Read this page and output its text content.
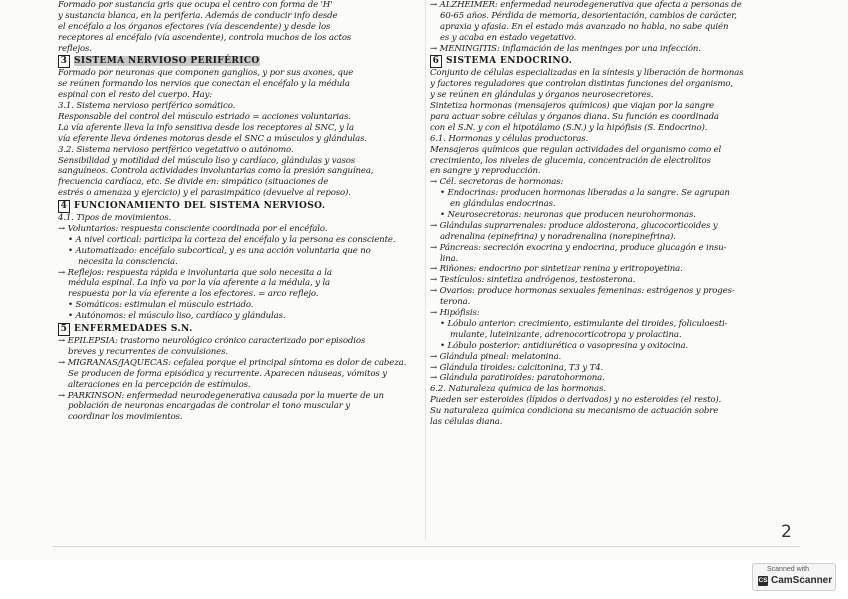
Formado por sustancia gris que ocupa el centro con forma de 'H'
y sustancia blanca, en la periferia. Además de conducir info desde
el encéfalo a los órganos efectores (vía descendente) y desde los
receptores al encéfalo (vía ascendente), controla muchos de los actos
reflejos.
3 SISTEMA NERVIOSO PERIFÉRICO
Formado por neuronas que componen ganglios, y por sus axones, que
se reúnen formando los nervios que conectan el encéfalo y la médula
espinal con el resto del cuerpo. Hay:
3.1. Sistema nervioso periférico somático.
Responsable del control del músculo estriado = acciones voluntarias.
La vía aferente lleva la info sensitiva desde los receptores al SNC, y la
vía eferente lleva órdenes motoras desde el SNC a músculos y glándulas.
3.2. Sistema nervioso periférico vegetativo o autónomo.
Sensibilidad y motilidad del músculo liso y cardíaco, glándulas y vasos
sanguíneos. Controla actividades involuntarias como la presión sanguínea,
frecuencia cardíaca, etc. Se divide en: simpático (situaciones de
estrés o amenaza y ejercicio) y el parasimpático (devuelve al reposo).
4 FUNCIONAMIENTO DEL SISTEMA NERVIOSO.
4.1. Tipos de movimientos.
→ Voluntarios: respuesta consciente coordinada por el encéfalo.
• A nivel cortical: participa la corteza del encéfalo y la persona es consciente.
• Automatizado: encéfalo subcortical, y es una acción voluntaria que no
necesita la consciencia.
→ Reflejos: respuesta rápida e involuntaria que solo necesita a la
médula espinal. La info va por la vía aferente a la médula, y la
respuesta por la vía eferente a los efectores. = arco reflejo.
• Somáticos: estimulan el músculo estriado.
• Autónomos: el músculo liso, cardíaco y glándulas.
5 ENFERMEDADES S.N.
→ EPILEPSIA: trastorno neurológico crónico caracterizado por episodios
breves y recurrentes de convulsiones.
→ MIGRAÑAS/JAQUECAS: cefalea porque el principal síntoma es dolor de cabeza.
Se producen de forma episódica y recurrente. Aparecen náuseas, vómitos y
alteraciones en la percepción de estímulos.
→ PARKINSON: enfermedad neurodegenerativa causada por la muerte de un
población de neuronas encargadas de controlar el tono muscular y
coordinar los movimientos.
→ ALZHEIMER: enfermedad neurodegenerativa que afecta a personas de
60-65 años. Pérdida de memoria, desorientación, cambios de carácter,
apraxia y afasia. En el estado más avanzado no habla, no sabe quién
es y acaba en estado vegetativo.
→ MENINGITIS: inflamación de las meninges por una infección.
6 SISTEMA ENDOCRINO.
Conjunto de células especializadas en la síntesis y liberación de hormonas
y factores reguladores que controlan distintas funciones del organismo,
y se reúnen en glándulas y órganos neurosecretores.
Sintetiza hormonas (mensajeros químicos) que viajan por la sangre
para actuar sobre células y órganos diana. Su función es coordinada
con el S.N. y con el hipotálamo (S.N.) y la hipófisis (S. Endocrino).
6.1. Hormonas y células productoras.
Mensajeros químicos que regulan actividades del organismo como el
crecimiento, los niveles de glucemia, concentración de electrolitos
en sangre y reproducción.
→ Cél. secretoras de hormonas:
• Endocrinas: producen hormonas liberadas a la sangre. Se agrupan
en glándulas endocrinas.
• Neurosecretoras: neuronas que producen neurohormonas.
→ Glándulas suprarrenales: produce aldosterona, glucocorticoides y
adrenalina (epinefrina) y noradrenalina (norepinefrina).
→ Páncreas: secreción exocrina y endocrina, produce glucagón e insu-
lina.
→ Riñones: endocrino por sintetizar renina y eritropoyetina.
→ Testículos: sintetiza andrógenos, testosterona.
→ Ovarios: produce hormonas sexuales femeninas: estrógenos y proges-
terona.
→ Hipófisis:
• Lóbulo anterior: crecimiento, estimulante del tiroides, foliculoesti-
mulante, luteinizante, adrenocorticotropa y prolactina.
• Lóbulo posterior: antidiurética o vasopresina y oxitocina.
→ Glándula pineal: melatonina.
→ Glándula tiroides: calcitonina, T3 y T4.
→ Glándula paratiroides: paratohormona.
6.2. Naturaleza química de las hormonas.
Pueden ser esteroides (lípidos o derivados) y no esteroides (el resto).
Su naturaleza química condiciona su mecanismo de actuación sobre
las células diana.
2
Scanned with
CS CamScanner
